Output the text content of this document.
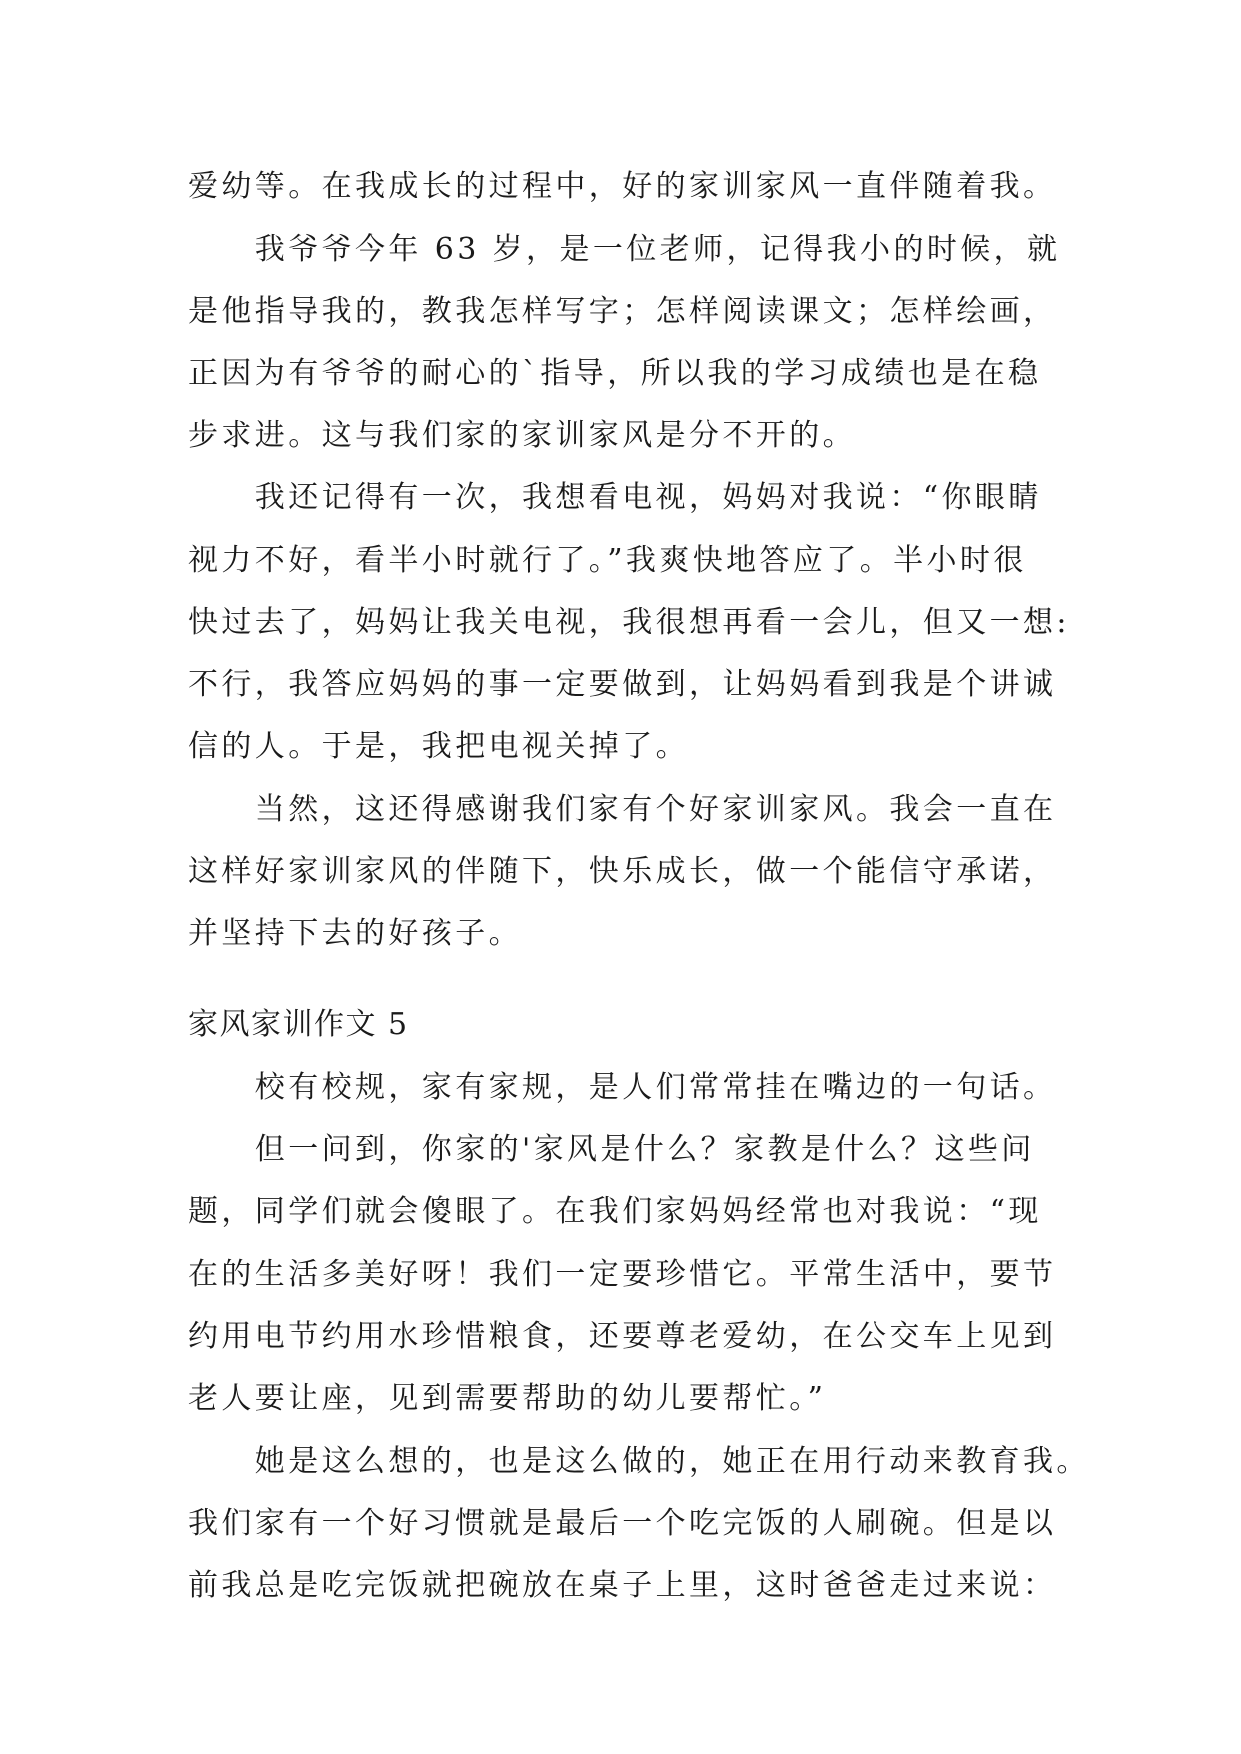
爱幼等。在我成长的过程中，好的家训家风一直伴随着我。
　　我爷爷今年 63 岁，是一位老师，记得我小的时候，就
是他指导我的，教我怎样写字；怎样阅读课文；怎样绘画，
正因为有爷爷的耐心的`指导，所以我的学习成绩也是在稳
步求进。这与我们家的家训家风是分不开的。
　　我还记得有一次，我想看电视，妈妈对我说：“你眼睛
视力不好，看半小时就行了。”我爽快地答应了。半小时很
快过去了，妈妈让我关电视，我很想再看一会儿，但又一想:
不行，我答应妈妈的事一定要做到，让妈妈看到我是个讲诚
信的人。于是，我把电视关掉了。
　　当然，这还得感谢我们家有个好家训家风。我会一直在
这样好家训家风的伴随下，快乐成长，做一个能信守承诺，
并坚持下去的好孩子。
家风家训作文 5
　　校有校规，家有家规，是人们常常挂在嘴边的一句话。
　　但一问到，你家的'家风是什么？家教是什么？这些问
题，同学们就会傻眼了。在我们家妈妈经常也对我说：“现
在的生活多美好呀！我们一定要珍惜它。平常生活中，要节
约用电节约用水珍惜粮食，还要尊老爱幼，在公交车上见到
老人要让座，见到需要帮助的幼儿要帮忙。”
　　她是这么想的，也是这么做的，她正在用行动来教育我。
我们家有一个好习惯就是最后一个吃完饭的人刷碗。但是以
前我总是吃完饭就把碗放在桌子上里，这时爸爸走过来说：
